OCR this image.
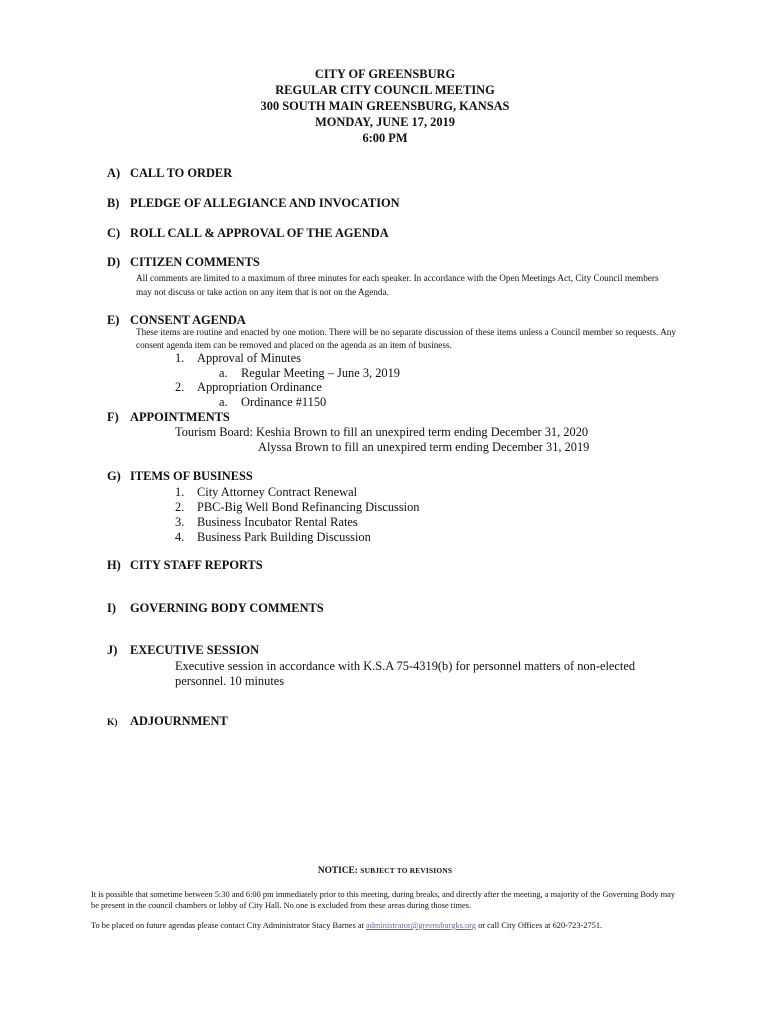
CITY OF GREENSBURG
REGULAR CITY COUNCIL MEETING
300 SOUTH MAIN GREENSBURG, KANSAS
MONDAY, JUNE 17, 2019
6:00 PM
A) CALL TO ORDER
B) PLEDGE OF ALLEGIANCE AND INVOCATION
C) ROLL CALL & APPROVAL OF THE AGENDA
D) CITIZEN COMMENTS
All comments are limited to a maximum of three minutes for each speaker. In accordance with the Open Meetings Act, City Council members may not discuss or take action on any item that is not on the Agenda.
E) CONSENT AGENDA
These items are routine and enacted by one motion. There will be no separate discussion of these items unless a Council member so requests. Any consent agenda item can be removed and placed on the agenda as an item of business.
1. Approval of Minutes
a. Regular Meeting – June 3, 2019
2. Appropriation Ordinance
a. Ordinance #1150
F) APPOINTMENTS
Tourism Board: Keshia Brown to fill an unexpired term ending December 31, 2020
Alyssa Brown to fill an unexpired term ending December 31, 2019
G) ITEMS OF BUSINESS
1. City Attorney Contract Renewal
2. PBC-Big Well Bond Refinancing Discussion
3. Business Incubator Rental Rates
4. Business Park Building Discussion
H) CITY STAFF REPORTS
I) GOVERNING BODY COMMENTS
J) EXECUTIVE SESSION
Executive session in accordance with K.S.A 75-4319(b) for personnel matters of non-elected
personnel. 10 minutes
K) ADJOURNMENT
NOTICE: SUBJECT TO REVISIONS
It is possible that sometime between 5:30 and 6:00 pm immediately prior to this meeting, during breaks, and directly after the meeting, a majority of the Governing Body may be present in the council chambers or lobby of City Hall. No one is excluded from these areas during those times.
To be placed on future agendas please contact City Administrator Stacy Barnes at administrator@greensburgks.org or call City Offices at 620-723-2751.
